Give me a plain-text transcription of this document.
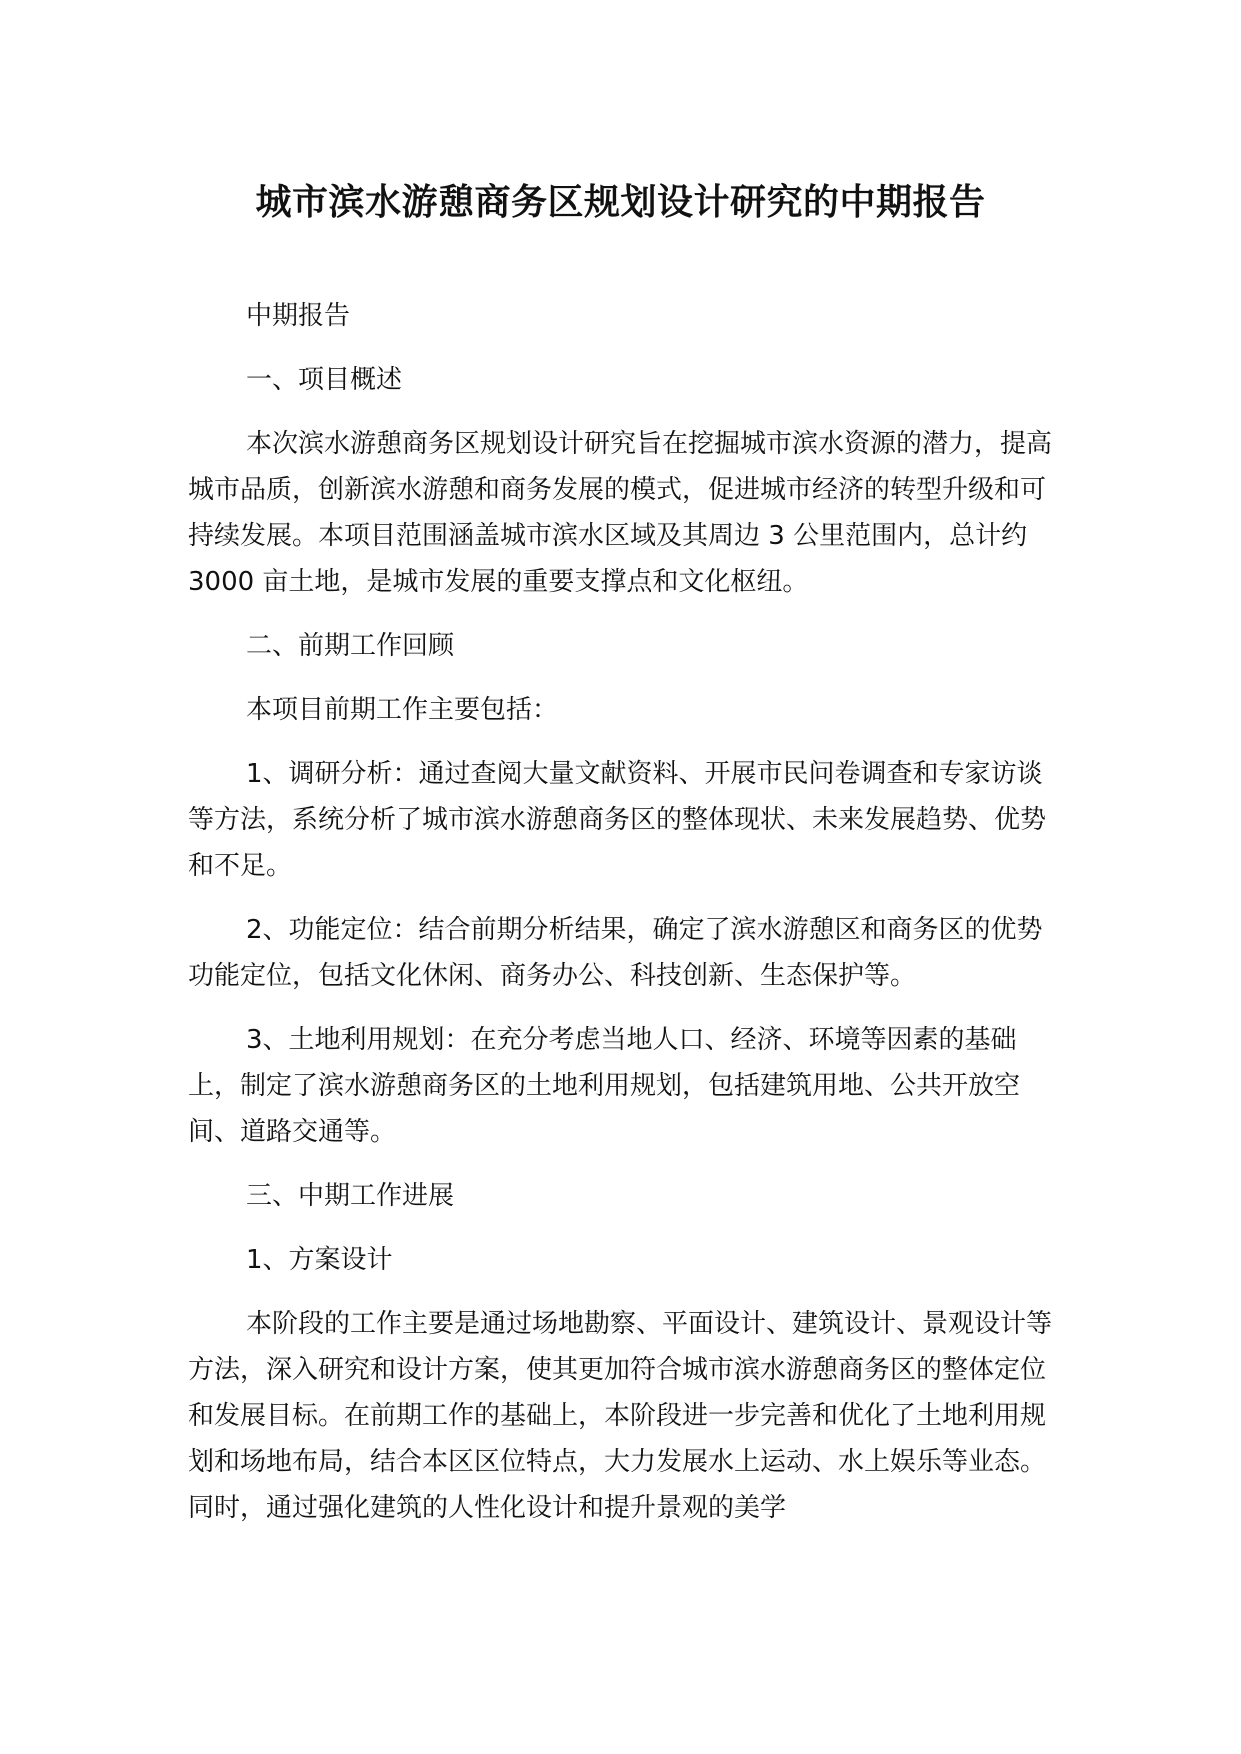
城市滨水游憩商务区规划设计研究的中期报告

中期报告

一、项目概述

本次滨水游憩商务区规划设计研究旨在挖掘城市滨水资源的潜力，提高城市品质，创新滨水游憩和商务发展的模式，促进城市经济的转型升级和可持续发展。本项目范围涵盖城市滨水区域及其周边 3 公里范围内，总计约 3000 亩土地，是城市发展的重要支撑点和文化枢纽。

二、前期工作回顾

本项目前期工作主要包括：

1、调研分析：通过查阅大量文献资料、开展市民问卷调查和专家访谈等方法，系统分析了城市滨水游憩商务区的整体现状、未来发展趋势、优势和不足。

2、功能定位：结合前期分析结果，确定了滨水游憩区和商务区的优势功能定位，包括文化休闲、商务办公、科技创新、生态保护等。

3、土地利用规划：在充分考虑当地人口、经济、环境等因素的基础上，制定了滨水游憩商务区的土地利用规划，包括建筑用地、公共开放空间、道路交通等。

三、中期工作进展

1、方案设计

本阶段的工作主要是通过场地勘察、平面设计、建筑设计、景观设计等方法，深入研究和设计方案，使其更加符合城市滨水游憩商务区的整体定位和发展目标。在前期工作的基础上，本阶段进一步完善和优化了土地利用规划和场地布局，结合本区区位特点，大力发展水上运动、水上娱乐等业态。同时，通过强化建筑的人性化设计和提升景观的美学
